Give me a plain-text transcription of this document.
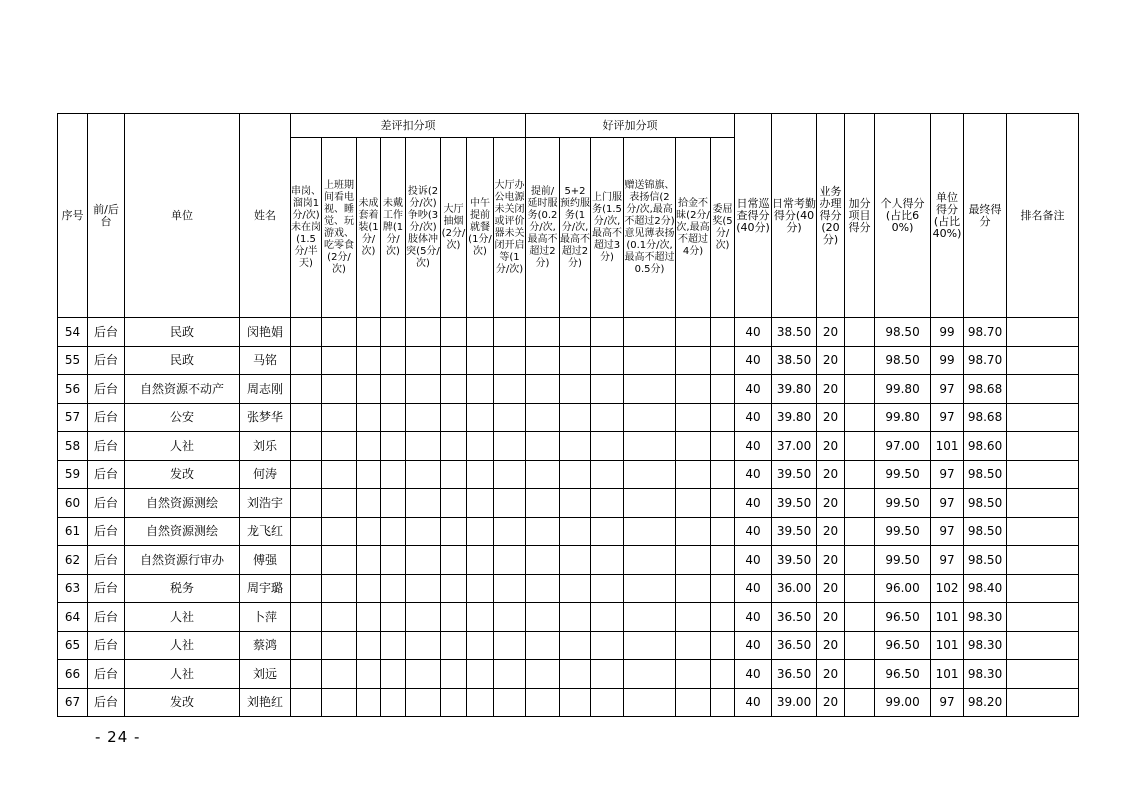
序号	前/后台	单位	姓名	差评扣分项								好评加分项						日常巡查得分(40分)	日常考勤得分(40分)	业务办理得分(20分)	加分项目得分	个人得分(占比60%)	单位得分(占比40%)	最终得分	排名备注
				串岗、溜岗1分/次)未在岗(1.5分/半天)	上班期间看电视、睡觉、玩游戏、吃零食(2分/次)	未成套着装(1分/次)	未戴工作牌(1分/次)	投诉(2分/次)争吵(3分/次)肢体冲突(5分/次)	大厅抽烟(2分/次)	中午提前就餐(1分/次)	大厅办公电源未关闭或评价器未关闭开启等(1分/次)	提前/延时服务(0.2分/次,最高不超过2分)	5+2预约服务(1分/次,最高不超过2分)	上门服务(1.5分/次,最高不超过3分)	赠送锦旗、表扬信(2分/次,最高不超过2分)意见薄表扬(0.1分/次,最高不超过0.5分)	拾金不昧(2分/次,最高不超过4分)	委屈奖(5分/次)								
54	后台	民政	闵艳娟															40	38.50	20		98.50	99	98.70	
55	后台	民政	马铭															40	38.50	20		98.50	99	98.70	
56	后台	自然资源不动产	周志刚															40	39.80	20		99.80	97	98.68	
57	后台	公安	张梦华															40	39.80	20		99.80	97	98.68	
58	后台	人社	刘乐															40	37.00	20		97.00	101	98.60	
59	后台	发改	何涛															40	39.50	20		99.50	97	98.50	
60	后台	自然资源测绘	刘浩宇															40	39.50	20		99.50	97	98.50	
61	后台	自然资源测绘	龙飞红															40	39.50	20		99.50	97	98.50	
62	后台	自然资源行审办	傅强															40	39.50	20		99.50	97	98.50	
63	后台	税务	周宇璐															40	36.00	20		96.00	102	98.40	
64	后台	人社	卜萍															40	36.50	20		96.50	101	98.30	
65	后台	人社	蔡鸿															40	36.50	20		96.50	101	98.30	
66	后台	人社	刘远															40	36.50	20		96.50	101	98.30	
67	后台	发改	刘艳红															40	39.00	20		99.00	97	98.20	
- 24 -
